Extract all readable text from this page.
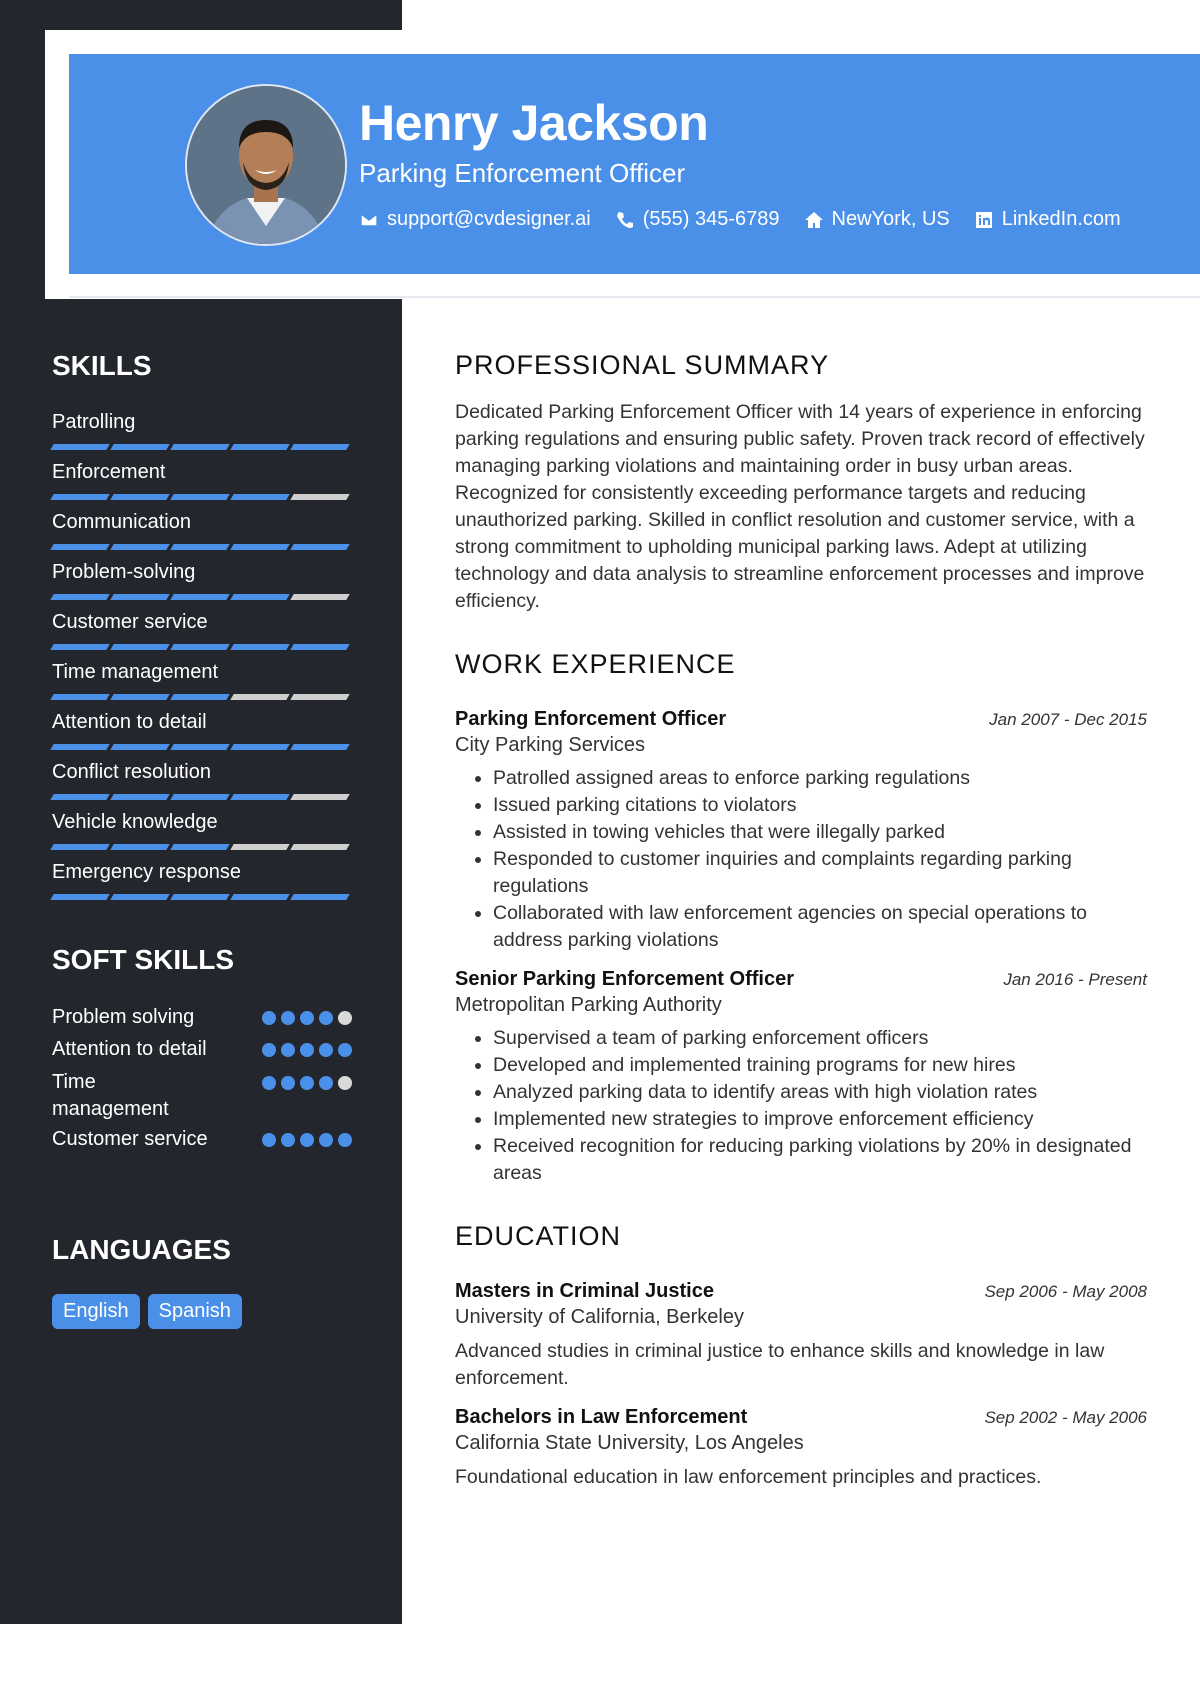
Henry Jackson
Parking Enforcement Officer
support@cvdesigner.ai	(555) 345-6789	NewYork, US	LinkedIn.com
SKILLS
Patrolling
Enforcement
Communication
Problem-solving
Customer service
Time management
Attention to detail
Conflict resolution
Vehicle knowledge
Emergency response
SOFT SKILLS
Problem solving
Attention to detail
Time management
Customer service
LANGUAGES
English	Spanish
PROFESSIONAL SUMMARY
Dedicated Parking Enforcement Officer with 14 years of experience in enforcing parking regulations and ensuring public safety. Proven track record of effectively managing parking violations and maintaining order in busy urban areas. Recognized for consistently exceeding performance targets and reducing unauthorized parking. Skilled in conflict resolution and customer service, with a strong commitment to upholding municipal parking laws. Adept at utilizing technology and data analysis to streamline enforcement processes and improve efficiency.
WORK EXPERIENCE
Parking Enforcement Officer	Jan 2007 - Dec 2015
City Parking Services
• Patrolled assigned areas to enforce parking regulations
• Issued parking citations to violators
• Assisted in towing vehicles that were illegally parked
• Responded to customer inquiries and complaints regarding parking regulations
• Collaborated with law enforcement agencies on special operations to address parking violations
Senior Parking Enforcement Officer	Jan 2016 - Present
Metropolitan Parking Authority
• Supervised a team of parking enforcement officers
• Developed and implemented training programs for new hires
• Analyzed parking data to identify areas with high violation rates
• Implemented new strategies to improve enforcement efficiency
• Received recognition for reducing parking violations by 20% in designated areas
EDUCATION
Masters in Criminal Justice	Sep 2006 - May 2008
University of California, Berkeley
Advanced studies in criminal justice to enhance skills and knowledge in law enforcement.
Bachelors in Law Enforcement	Sep 2002 - May 2006
California State University, Los Angeles
Foundational education in law enforcement principles and practices.
